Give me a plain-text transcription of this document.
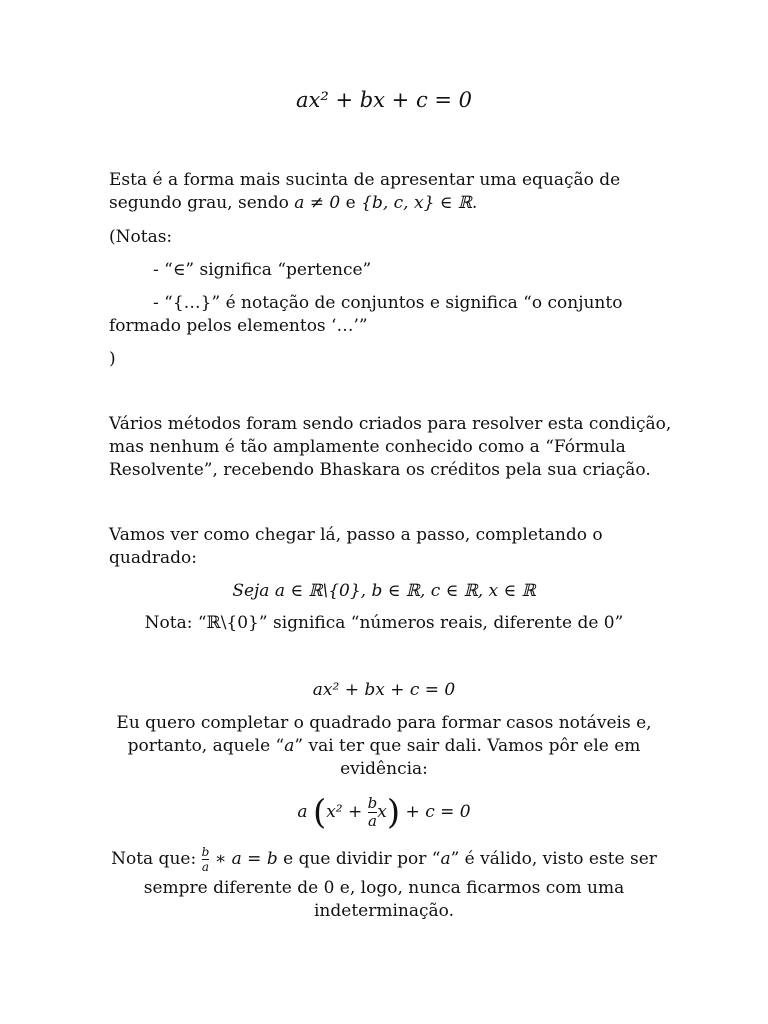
ax² + bx + c = 0
Esta é a forma mais sucinta de apresentar uma equação de
segundo grau, sendo a ≠ 0 e {b, c, x} ∈ ℝ.
(Notas:
- “∈” significa “pertence”
- “{…}” é notação de conjuntos e significa “o conjunto
formado pelos elementos ‘…’”
)
Vários métodos foram sendo criados para resolver esta condição,
mas nenhum é tão amplamente conhecido como a “Fórmula
Resolvente”, recebendo Bhaskara os créditos pela sua criação.
Vamos ver como chegar lá, passo a passo, completando o
quadrado:
Seja a ∈ ℝ\{0}, b ∈ ℝ, c ∈ ℝ, x ∈ ℝ
Nota: “ℝ\{0}” significa “números reais, diferente de 0”
ax² + bx + c = 0
Eu quero completar o quadrado para formar casos notáveis e,
portanto, aquele “a” vai ter que sair dali. Vamos pôr ele em
evidência:
a $(x^2 + \frac{b}{a} x) + c = 0$
Nota que: $\frac{b}{a}$ ∗ a = b e que dividir por “a” é válido, visto este ser
sempre diferente de 0 e, logo, nunca ficarmos com uma
indeterminação.
